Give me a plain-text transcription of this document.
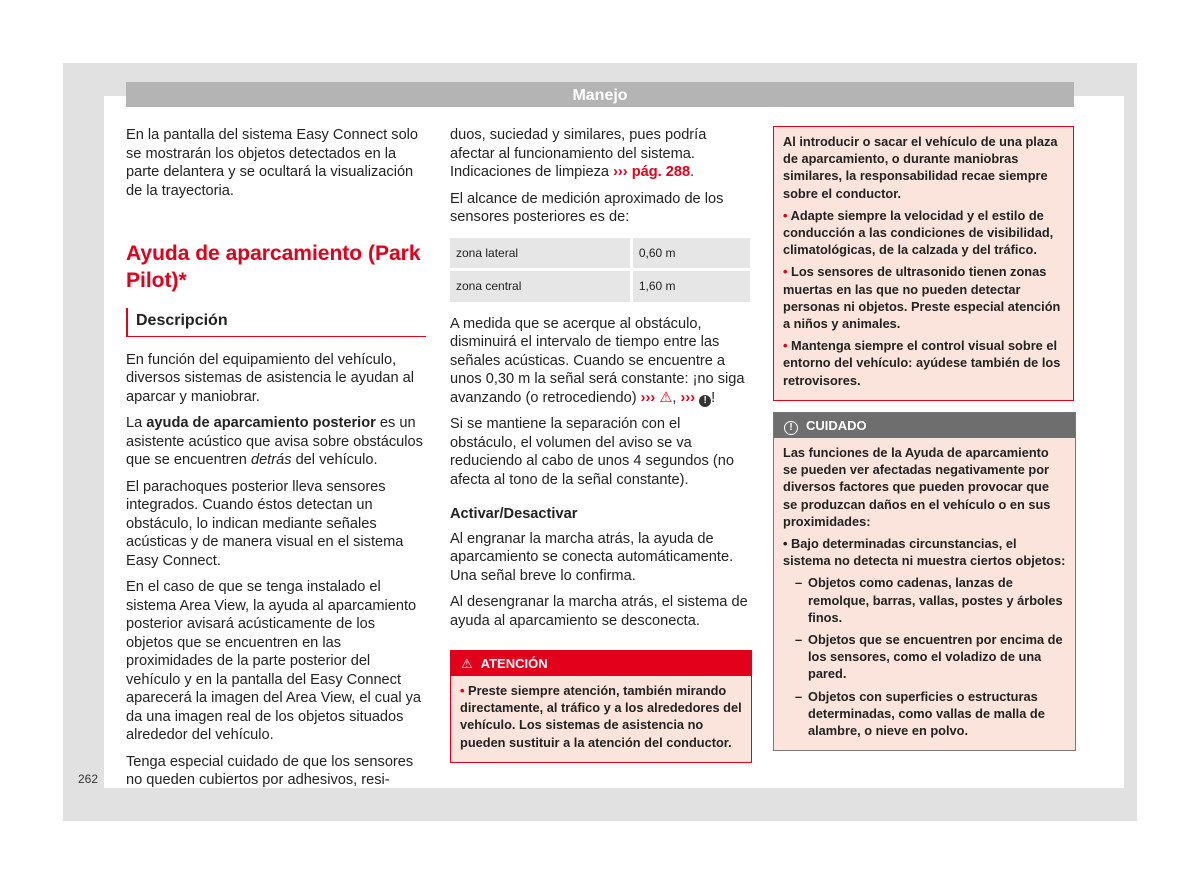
Manejo

En la pantalla del sistema Easy Connect solo se mostrarán los objetos detectados en la parte delantera y se ocultará la visualización de la trayectoria.

Ayuda de aparcamiento (Park Pilot)*
Descripción

En función del equipamiento del vehículo, diversos sistemas de asistencia le ayudan al aparcar y maniobrar.

La ayuda de aparcamiento posterior es un asistente acústico que avisa sobre obstáculos que se encuentren detrás del vehículo.

El parachoques posterior lleva sensores integrados. Cuando éstos detectan un obstáculo, lo indican mediante señales acústicas y de manera visual en el sistema Easy Connect.

En el caso de que se tenga instalado el sistema Area View, la ayuda al aparcamiento posterior avisará acústicamente de los objetos que se encuentren en las proximidades de la parte posterior del vehículo y en la pantalla del Easy Connect aparecerá la imagen del Area View, el cual ya da una imagen real de los objetos situados alrededor del vehículo.

Tenga especial cuidado de que los sensores no queden cubiertos por adhesivos, resi-

duos, suciedad y similares, pues podría afectar al funcionamiento del sistema. Indicaciones de limpieza ››› pág. 288.

El alcance de medición aproximado de los sensores posteriores es de:

zona lateral	0,60 m
zona central	1,60 m

A medida que se acerque al obstáculo, disminuirá el intervalo de tiempo entre las señales acústicas. Cuando se encuentre a unos 0,30 m la señal será constante: ¡no siga avanzando (o retrocediendo) ››› ⚠, ››› ! !

Si se mantiene la separación con el obstáculo, el volumen del aviso se va reduciendo al cabo de unos 4 segundos (no afecta al tono de la señal constante).

Activar/Desactivar

Al engranar la marcha atrás, la ayuda de aparcamiento se conecta automáticamente. Una señal breve lo confirma.

Al desengranar la marcha atrás, el sistema de ayuda al aparcamiento se desconecta.

⚠ ATENCIÓN

• Preste siempre atención, también mirando directamente, al tráfico y a los alrededores del vehículo. Los sistemas de asistencia no pueden sustituir a la atención del conductor.

Al introducir o sacar el vehículo de una plaza de aparcamiento, o durante maniobras similares, la responsabilidad recae siempre sobre el conductor.

• Adapte siempre la velocidad y el estilo de conducción a las condiciones de visibilidad, climatológicas, de la calzada y del tráfico.

• Los sensores de ultrasonido tienen zonas muertas en las que no pueden detectar personas ni objetos. Preste especial atención a niños y animales.

• Mantenga siempre el control visual sobre el entorno del vehículo: ayúdese también de los retrovisores.

! CUIDADO

Las funciones de la Ayuda de aparcamiento se pueden ver afectadas negativamente por diversos factores que pueden provocar que se produzcan daños en el vehículo o en sus proximidades:

• Bajo determinadas circunstancias, el sistema no detecta ni muestra ciertos objetos:

– Objetos como cadenas, lanzas de remolque, barras, vallas, postes y árboles finos.
– Objetos que se encuentren por encima de los sensores, como el voladizo de una pared.
– Objetos con superficies o estructuras determinadas, como vallas de malla de alambre, o nieve en polvo.
262
